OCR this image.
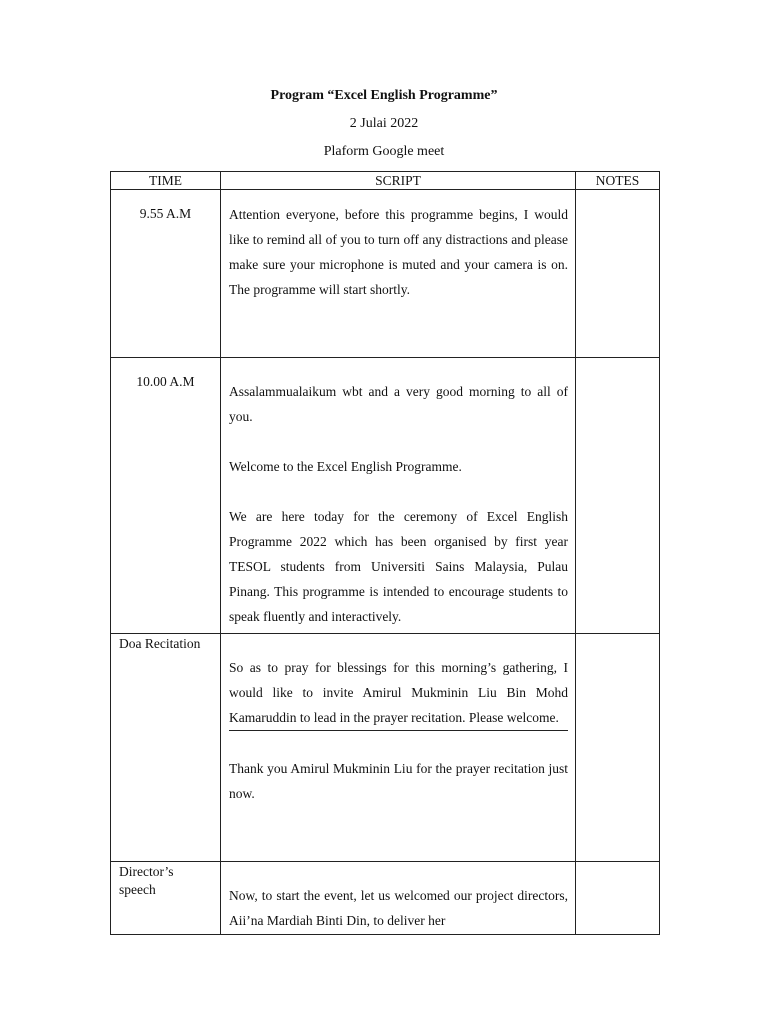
Program “Excel English Programme”
2 Julai 2022
Plaform Google meet
TIME	SCRIPT	NOTES
9.55 A.M	Attention everyone, before this programme begins, I would like to remind all of you to turn off any distractions and please make sure your microphone is muted and your camera is on. The programme will start shortly.	

10.00 A.M	Assalammualaikum wbt and a very good morning to all of you.

Welcome to the Excel English Programme.

We are here today for the ceremony of Excel English Programme 2022 which has been organised by first year TESOL students from Universiti Sains Malaysia, Pulau Pinang. This programme is intended to encourage students to speak fluently and interactively.	

Doa Recitation	So as to pray for blessings for this morning’s gathering, I would like to invite Amirul Mukminin Liu Bin Mohd Kamaruddin to lead in the prayer recitation. Please welcome.

Thank you Amirul Mukminin Liu for the prayer recitation just now.	

Director’s speech	Now, to start the event, let us welcomed our project directors, Aii’na Mardiah Binti Din, to deliver her	
